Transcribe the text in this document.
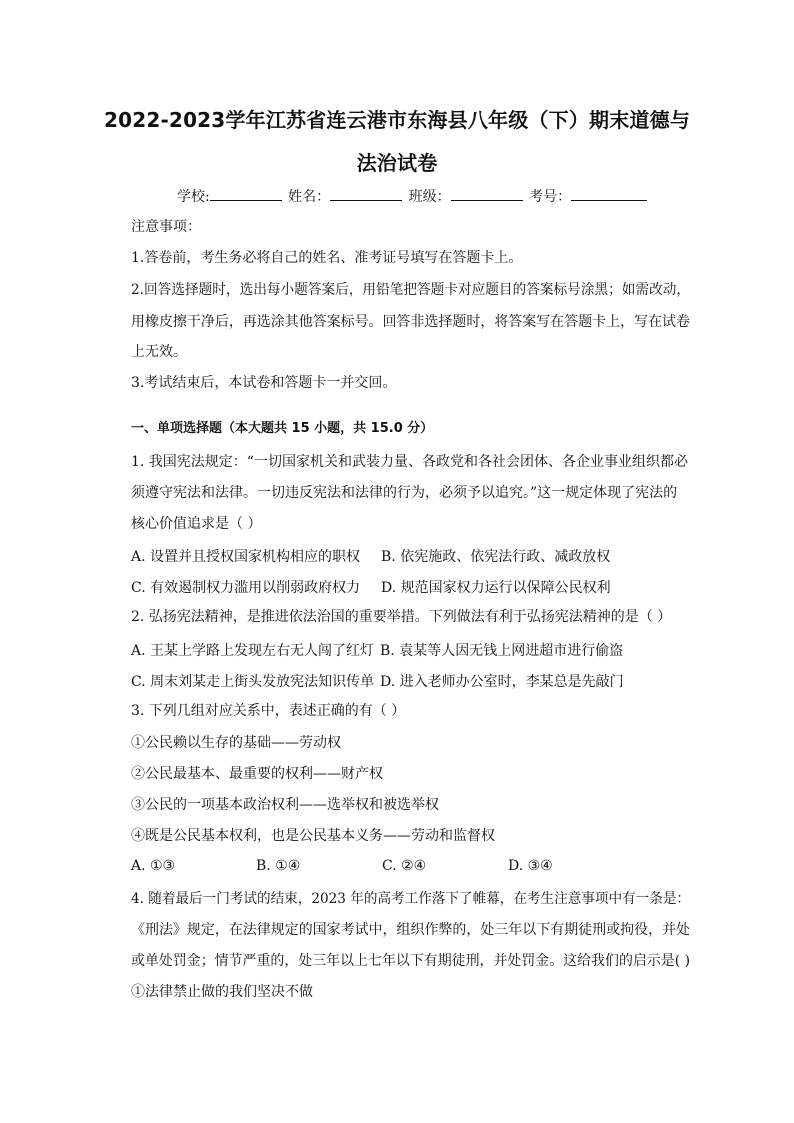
2022-2023学年江苏省连云港市东海县八年级（下）期末道德与
法治试卷
学校:	姓名：	班级：	考号：
注意事项：
1.答卷前，考生务必将自己的姓名、准考证号填写在答题卡上。
2.回答选择题时，选出每小题答案后，用铅笔把答题卡对应题目的答案标号涂黑；如需改动，
用橡皮擦干净后，再选涂其他答案标号。回答非选择题时，将答案写在答题卡上，写在试卷
上无效。
3.考试结束后，本试卷和答题卡一并交回。
一、单项选择题（本大题共 15 小题，共 15.0 分）
1. 我国宪法规定：“一切国家机关和武装力量、各政党和各社会团体、各企业事业组织都必
须遵守宪法和法律。一切违反宪法和法律的行为，必须予以追究。”这一规定体现了宪法的
核心价值追求是（ ）
A. 设置并且授权国家机构相应的职权 B. 依宪施政、依宪法行政、减政放权
C. 有效遏制权力滥用以削弱政府权力 D. 规范国家权力运行以保障公民权利
2. 弘扬宪法精神，是推进依法治国的重要举措。下列做法有利于弘扬宪法精神的是（ ）
A. 王某上学路上发现左右无人闯了红灯 B. 袁某等人因无钱上网进超市进行偷盗
C. 周末刘某走上街头发放宪法知识传单 D. 进入老师办公室时，李某总是先敲门
3. 下列几组对应关系中，表述正确的有（ ）
①公民赖以生存的基础——劳动权
②公民最基本、最重要的权利——财产权
③公民的一项基本政治权利——选举权和被选举权
④既是公民基本权利，也是公民基本义务——劳动和监督权
A. ①③	B. ①④	C. ②④	D. ③④
4. 随着最后一门考试的结束，2023 年的高考工作落下了帷幕，在考生注意事项中有一条是：
《刑法》规定，在法律规定的国家考试中，组织作弊的，处三年以下有期徒刑或拘役，并处
或单处罚金；情节严重的，处三年以上七年以下有期徒刑，并处罚金。这给我们的启示是( )
①法律禁止做的我们坚决不做
